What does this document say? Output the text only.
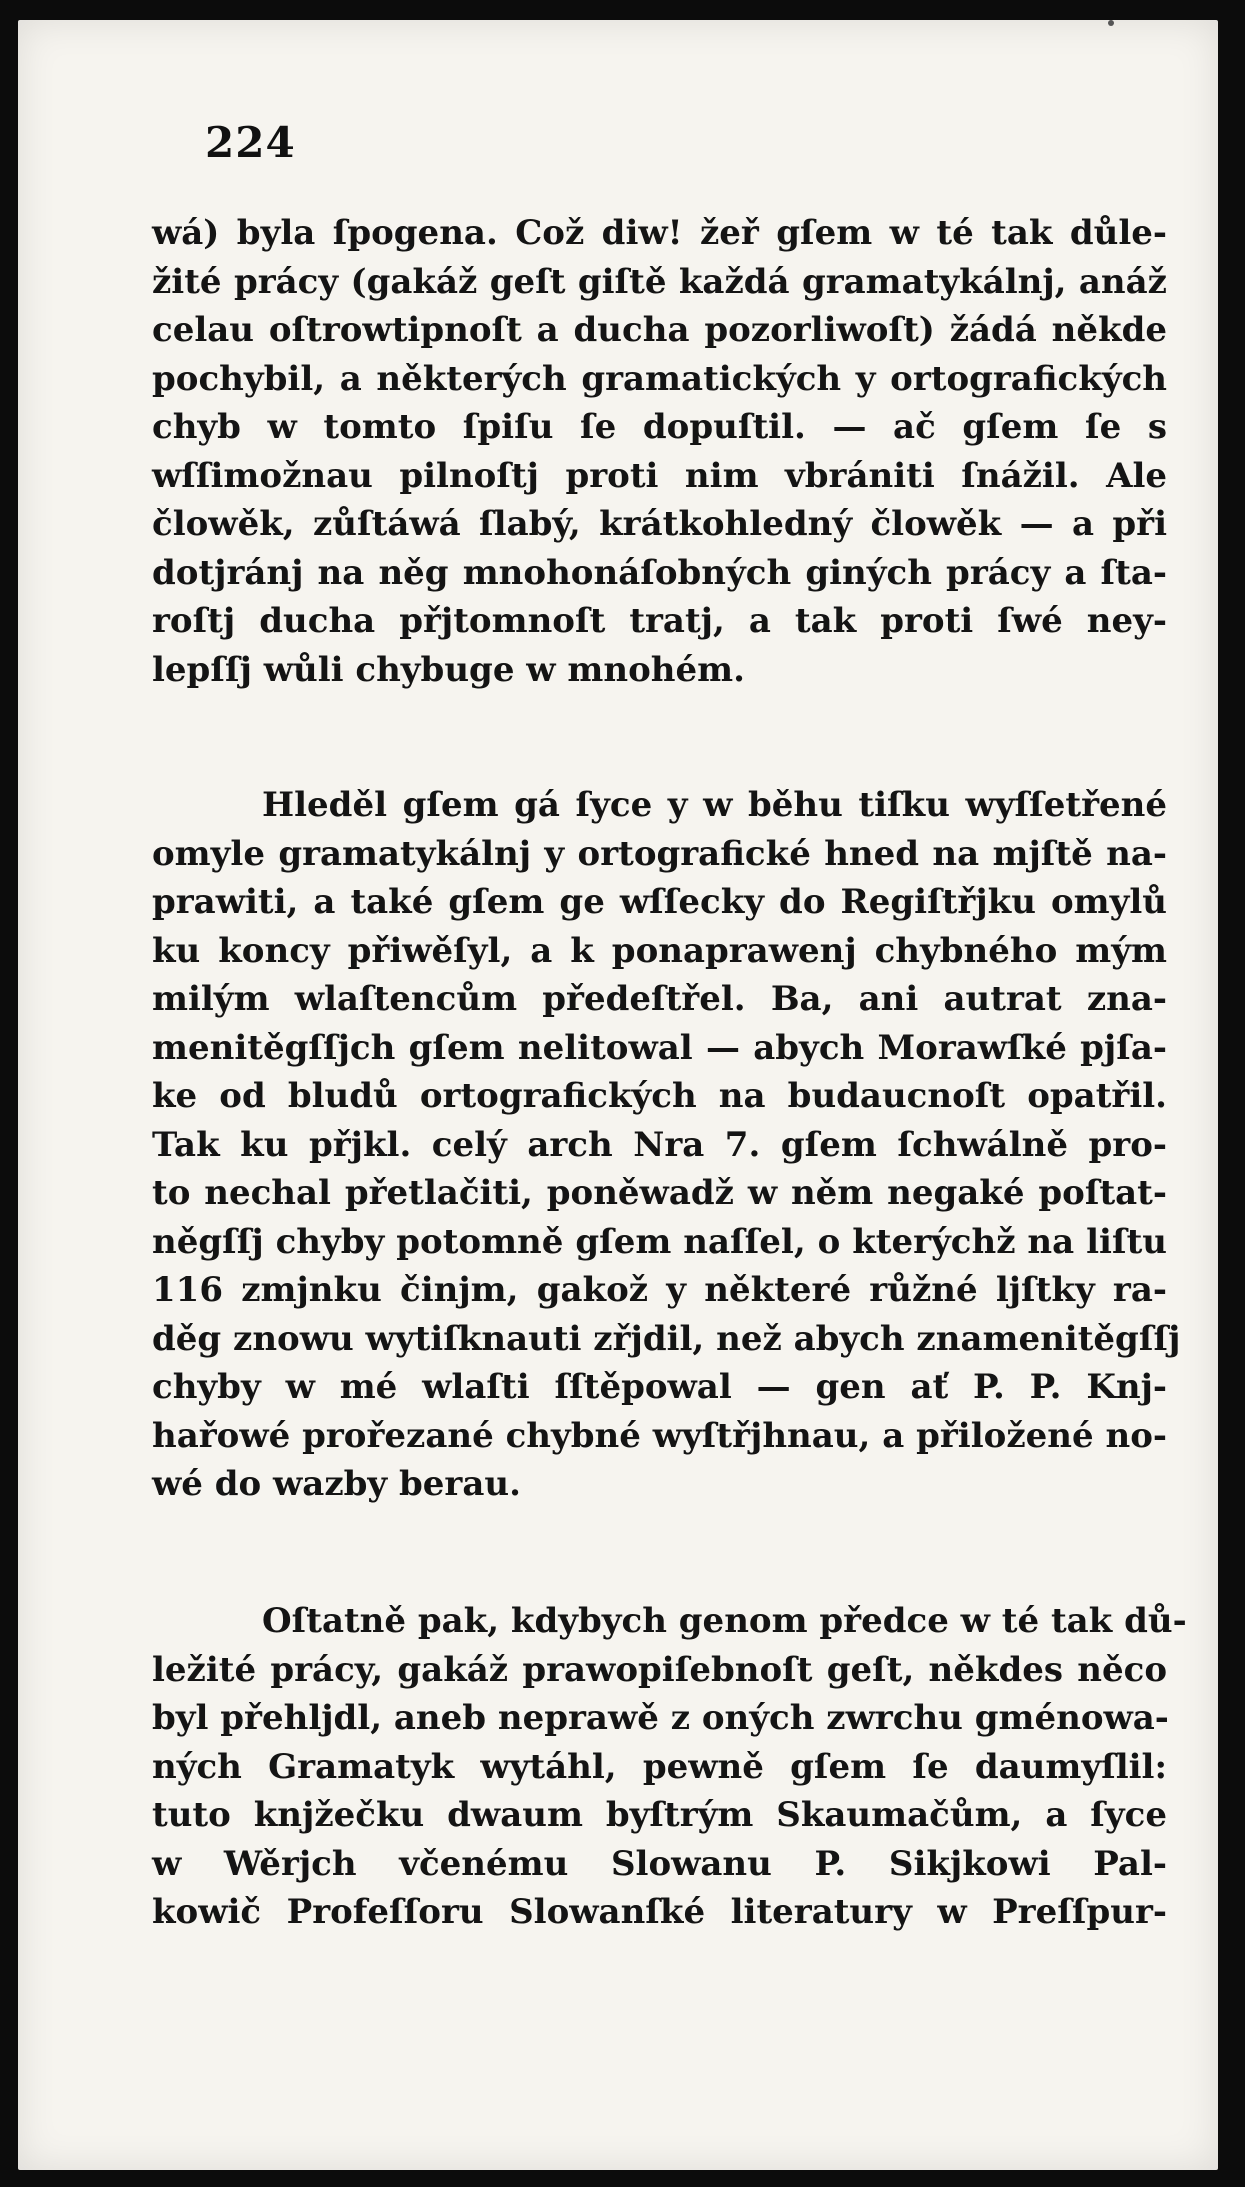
224
wá) byla ſpogena. Což diw! žeř gſem w té tak důle-
žité prácy (gakáž geſt giſtě každá gramatykálnj, anáž
celau oſtrowtipnoſt a ducha pozorliwoſt) žádá někde
pochybil, a některých gramatických y ortografických
chyb w tomto ſpiſu ſe dopuſtil. — ač gſem ſe s
wſſimožnau pilnoſtj proti nim vbrániti ſnážil. Ale
člowěk, zůſtáwá ſlabý, krátkohledný člowěk — a při
dotjránj na něg mnohonáſobných giných prácy a ſta-
roſtj ducha přjtomnoſt tratj, a tak proti ſwé ney-
lepſſj wůli chybuge w mnohém.
Hleděl gſem gá ſyce y w běhu tiſku wyſſetřené
omyle gramatykálnj y ortografické hned na mjſtě na-
prawiti, a také gſem ge wſſecky do Regiſtřjku omylů
ku koncy přiwěſyl, a k ponaprawenj chybného mým
milým wlaſtencům předeſtřel. Ba, ani autrat zna-
menitěgſſjch gſem nelitowal — abych Morawſké pjſa-
ke od bludů ortografických na budaucnoſt opatřil.
Tak ku přjkl. celý arch Nra 7. gſem ſchwálně pro-
to nechal přetlačiti, poněwadž w něm negaké poſtat-
něgſſj chyby potomně gſem naſſel, o kterýchž na liſtu
116 zmjnku činjm, gakož y některé růžné ljſtky ra-
děg znowu wytiſknauti zřjdil, než abych znamenitěgſſj
chyby w mé wlaſti ſſtěpowal — gen ať P. P. Knj-
hařowé prořezané chybné wyſtřjhnau, a přiložené no-
wé do wazby berau.
Oſtatně pak, kdybych genom předce w té tak dů-
ležité prácy, gakáž prawopiſebnoſt geſt, někdes něco
byl přehljdl, aneb neprawě z oných zwrchu gménowa-
ných Gramatyk wytáhl, pewně gſem ſe daumyſlil:
tuto knjžečku dwaum byſtrým Skaumačům, a ſyce
w Wěrjch včenému Slowanu P. Sikjkowi Pal-
kowič Profeſſoru Slowanſké literatury w Preſſpur-
